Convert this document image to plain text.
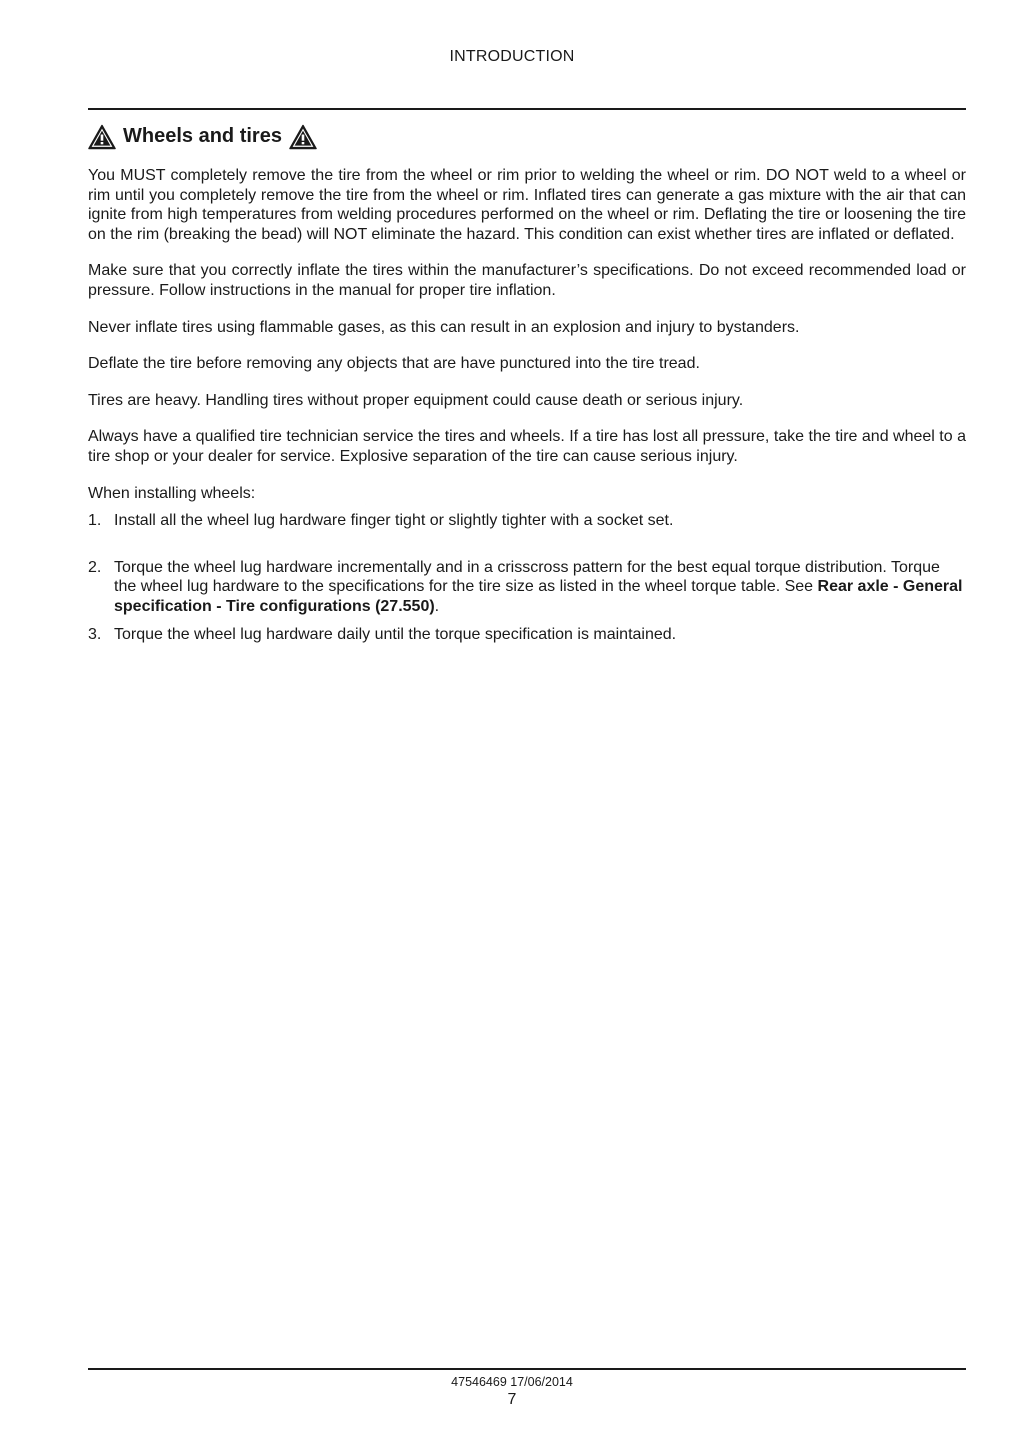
INTRODUCTION
Wheels and tires

You MUST completely remove the tire from the wheel or rim prior to welding the wheel or rim. DO NOT weld to a wheel or rim until you completely remove the tire from the wheel or rim. Inflated tires can generate a gas mixture with the air that can ignite from high temperatures from welding procedures performed on the wheel or rim. Deflating the tire or loosening the tire on the rim (breaking the bead) will NOT eliminate the hazard. This condition can exist whether tires are inflated or deflated.

Make sure that you correctly inflate the tires within the manufacturer’s specifications. Do not exceed recommended load or pressure. Follow instructions in the manual for proper tire inflation.

Never inflate tires using flammable gases, as this can result in an explosion and injury to bystanders.

Deflate the tire before removing any objects that are have punctured into the tire tread.

Tires are heavy. Handling tires without proper equipment could cause death or serious injury.

Always have a qualified tire technician service the tires and wheels. If a tire has lost all pressure, take the tire and wheel to a tire shop or your dealer for service. Explosive separation of the tire can cause serious injury.

When installing wheels:

1. Install all the wheel lug hardware finger tight or slightly tighter with a socket set.
2. Torque the wheel lug hardware incrementally and in a crisscross pattern for the best equal torque distribution. Torque the wheel lug hardware to the specifications for the tire size as listed in the wheel torque table. See Rear axle - General specification - Tire configurations (27.550).
3. Torque the wheel lug hardware daily until the torque specification is maintained.
47546469 17/06/2014
7
